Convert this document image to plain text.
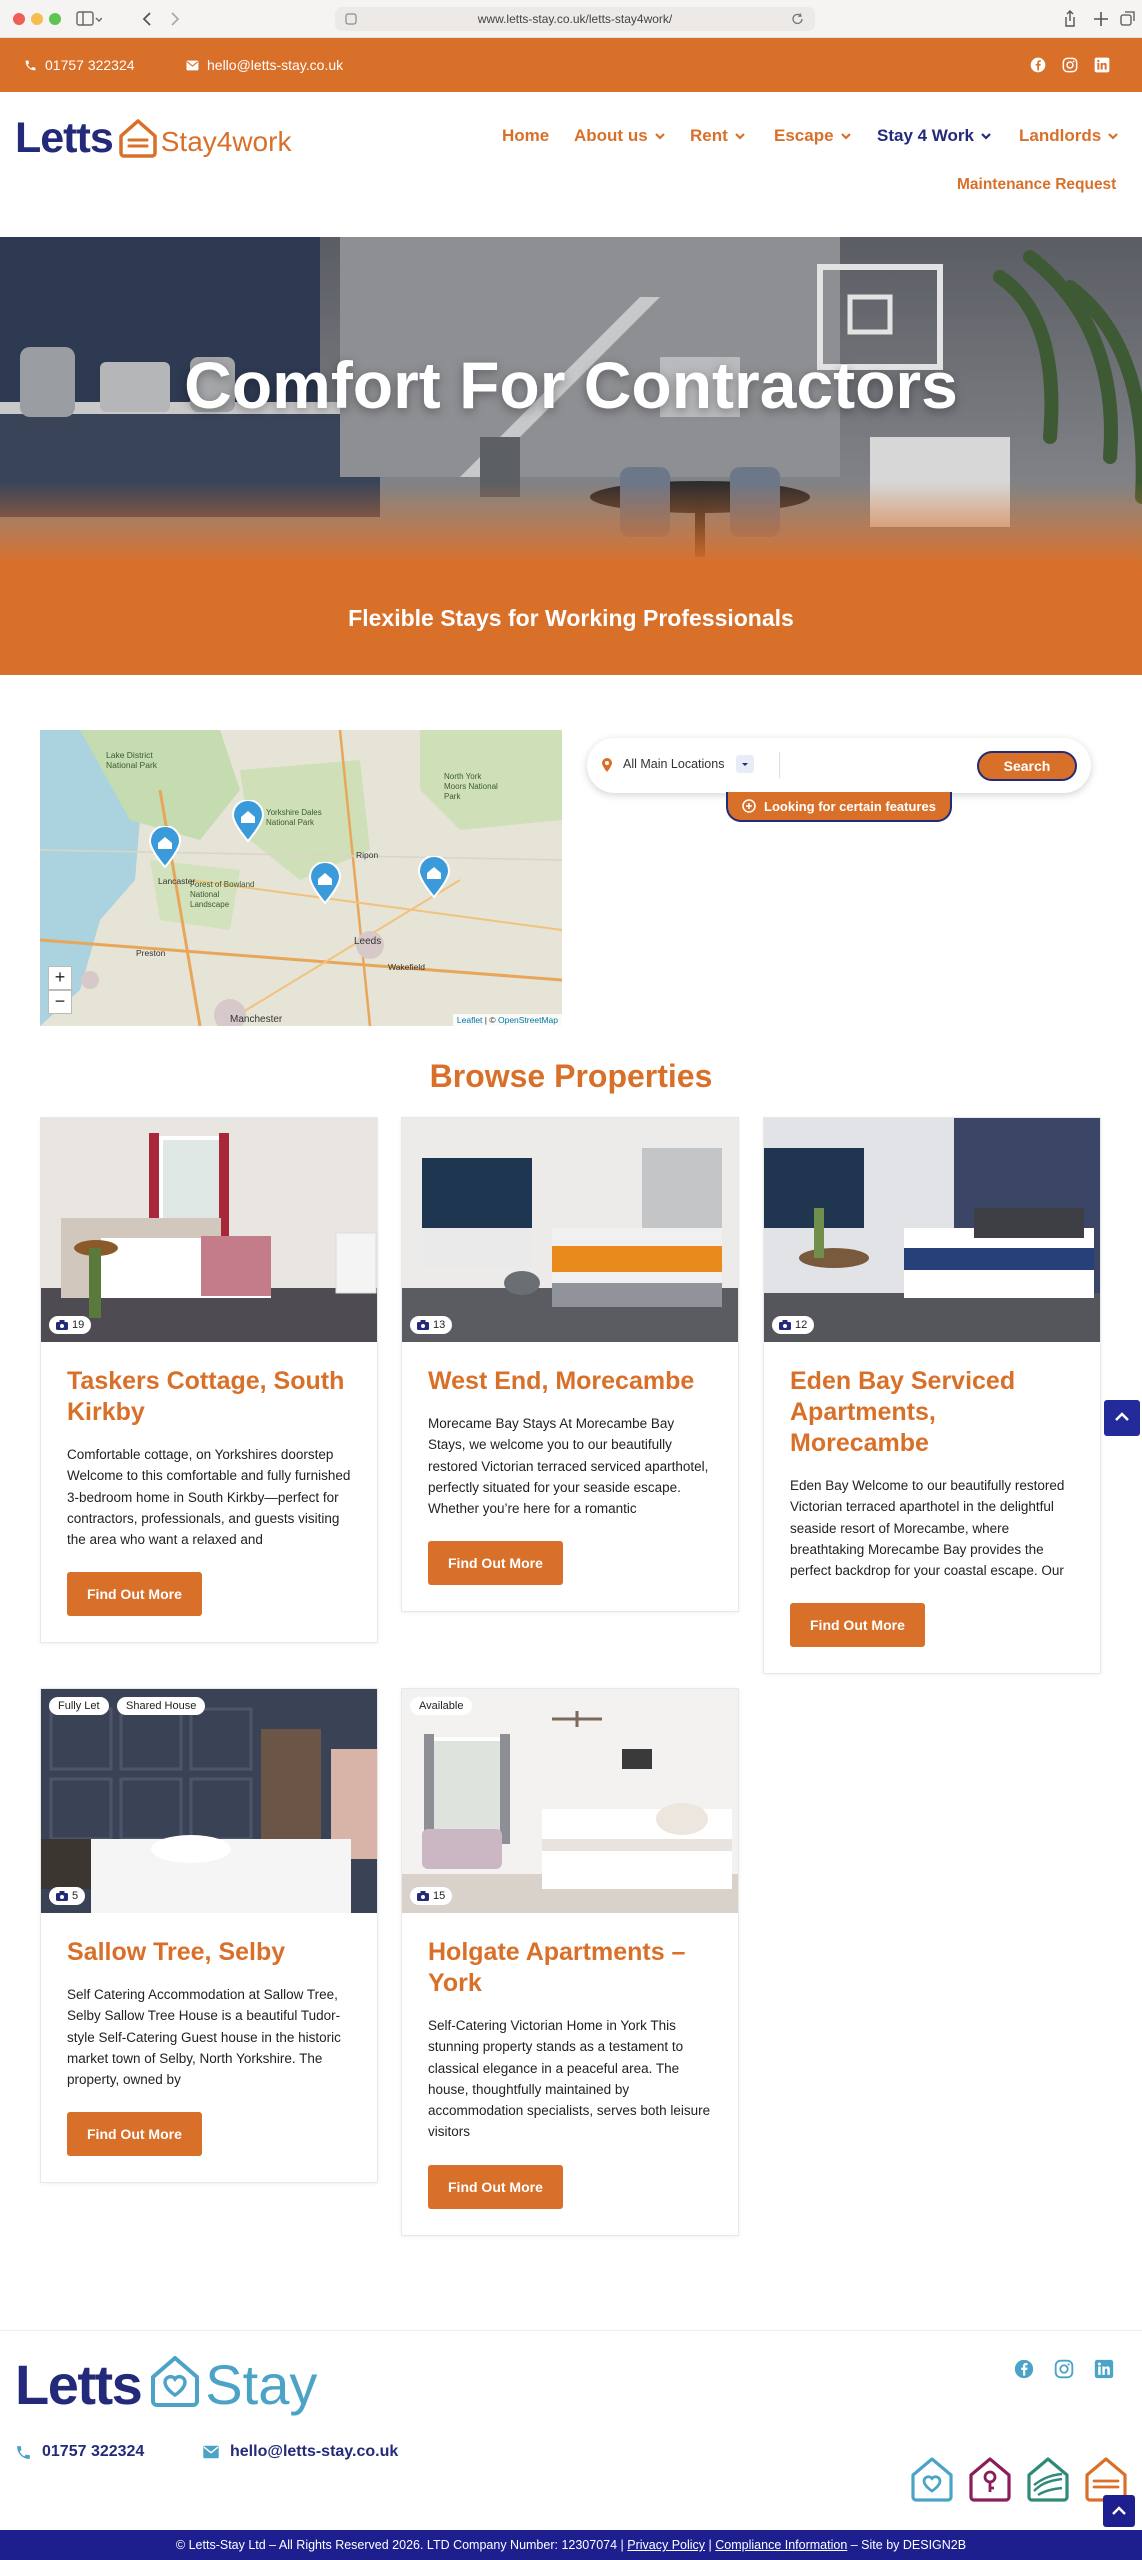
www.letts-stay.co.uk/letts-stay4work/
01757 322324	hello@letts-stay.co.uk
Letts Stay4work	Home About us Rent	Escape	Stay 4 Work	Landlords
Maintenance Request
Comfort For Contractors
Flexible Stays for Working Professionals
Lake District National Park
Lancaster
Forest of Bowland National Landscape
Yorkshire Dales National Park
North York Moors National Park
Ripon
Preston
Leeds
Wakefield
Manchester
+
−
Leaflet | © OpenStreetMap
All Main Locations	Search
Looking for certain features
Browse Properties
19
Taskers Cottage, South Kirkby
Comfortable cottage, on Yorkshires doorstep Welcome to this comfortable and fully furnished 3-bedroom home in South Kirkby—perfect for contractors, professionals, and guests visiting the area who want a relaxed and
Find Out More
13
West End, Morecambe
Morecame Bay Stays At Morecambe Bay Stays, we welcome you to our beautifully restored Victorian terraced serviced aparthotel, perfectly situated for your seaside escape. Whether you’re here for a romantic
Find Out More
12
Eden Bay Serviced Apartments, Morecambe
Eden Bay Welcome to our beautifully restored Victorian terraced aparthotel in the delightful seaside resort of Morecambe, where breathtaking Morecambe Bay provides the perfect backdrop for your coastal escape. Our
Find Out More
Fully Let	Shared House
5
Sallow Tree, Selby
Self Catering Accommodation at Sallow Tree, Selby Sallow Tree House is a beautiful Tudor-style Self-Catering Guest house in the historic market town of Selby, North Yorkshire. The property, owned by
Find Out More
Available
15
Holgate Apartments – York
Self-Catering Victorian Home in York This stunning property stands as a testament to classical elegance in a peaceful area. The house, thoughtfully maintained by accommodation specialists, serves both leisure visitors
Find Out More
Letts Stay
01757 322324	hello@letts-stay.co.uk
© Letts-Stay Ltd – All Rights Reserved 2026. LTD Company Number: 12307074 | Privacy Policy | Compliance Information – Site by DESIGN2B
